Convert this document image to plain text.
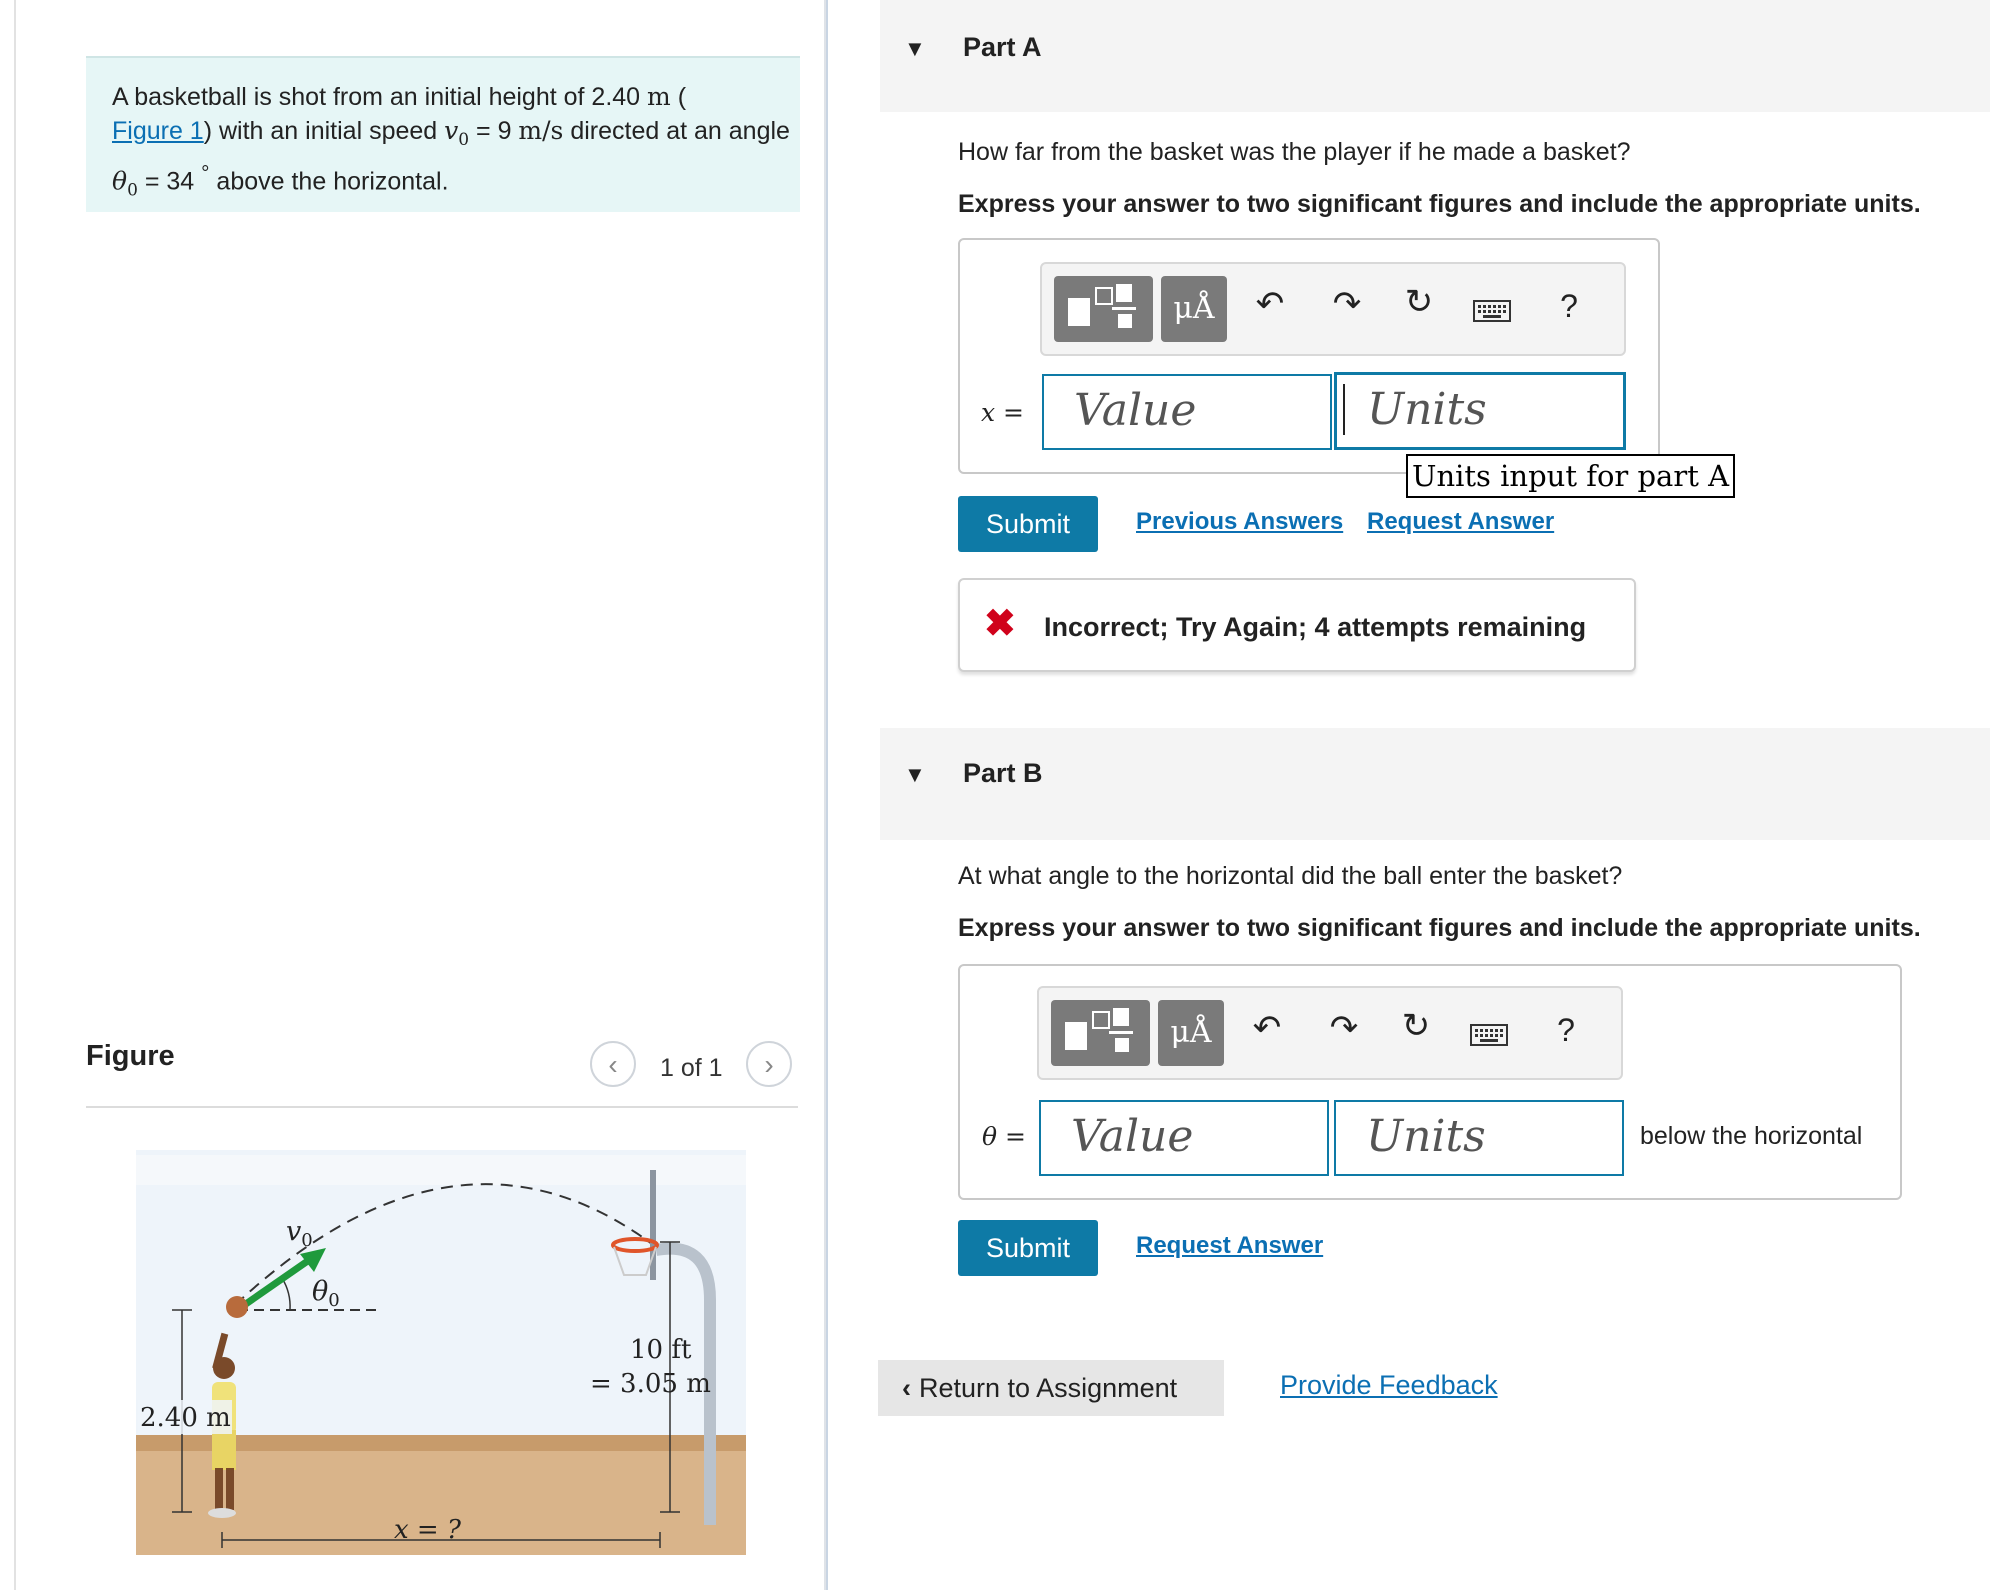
A basketball is shot from an initial height of 2.40 m (
Figure 1) with an initial speed $v_0 = 9$ m/s directed at an angle $\theta_0 = 34$ ° above the horizontal.
Figure	‹	1 of 1	›
$v_0$
$\theta_0$
2.40 m
10 ft
= 3.05 m
x = ?
▼ Part A
How far from the basket was the player if he made a basket?
Express your answer to two significant figures and include the appropriate units.
μÅ	↶	↷	↻	?
x =	Value	Units
Units input for part A
Submit	Previous Answers Request Answer
✖ Incorrect; Try Again; 4 attempts remaining
▼ Part B
At what angle to the horizontal did the ball enter the basket?
Express your answer to two significant figures and include the appropriate units.
μÅ	↶	↷	↻	?
θ =	Value	Units	below the horizontal
Submit	Request Answer
‹ Return to Assignment	Provide Feedback
